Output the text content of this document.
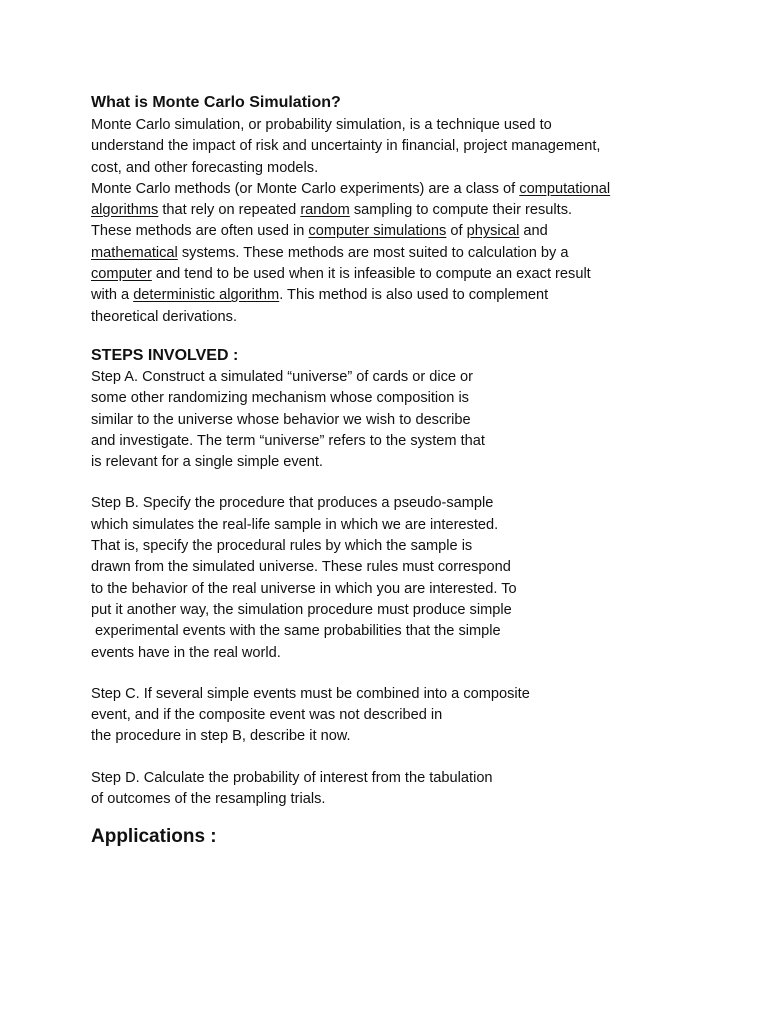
What is Monte Carlo Simulation?
Monte Carlo simulation, or probability simulation, is a technique used to
understand the impact of risk and uncertainty in financial, project management,
cost, and other forecasting models.
Monte Carlo methods (or Monte Carlo experiments) are a class of computational
algorithms that rely on repeated random sampling to compute their results.
These methods are often used in computer simulations of physical and
mathematical systems. These methods are most suited to calculation by a
computer and tend to be used when it is infeasible to compute an exact result
with a deterministic algorithm. This method is also used to complement
theoretical derivations.
STEPS INVOLVED :
Step A. Construct a simulated “universe” of cards or dice or
some other randomizing mechanism whose composition is
similar to the universe whose behavior we wish to describe
and investigate. The term “universe” refers to the system that
is relevant for a single simple event.
Step B. Specify the procedure that produces a pseudo-sample
which simulates the real-life sample in which we are interested.
That is, specify the procedural rules by which the sample is
drawn from the simulated universe. These rules must correspond
to the behavior of the real universe in which you are interested. To
put it another way, the simulation procedure must produce simple
experimental events with the same probabilities that the simple
events have in the real world.
Step C. If several simple events must be combined into a composite
event, and if the composite event was not described in
the procedure in step B, describe it now.
Step D. Calculate the probability of interest from the tabulation
of outcomes of the resampling trials.
Applications :
